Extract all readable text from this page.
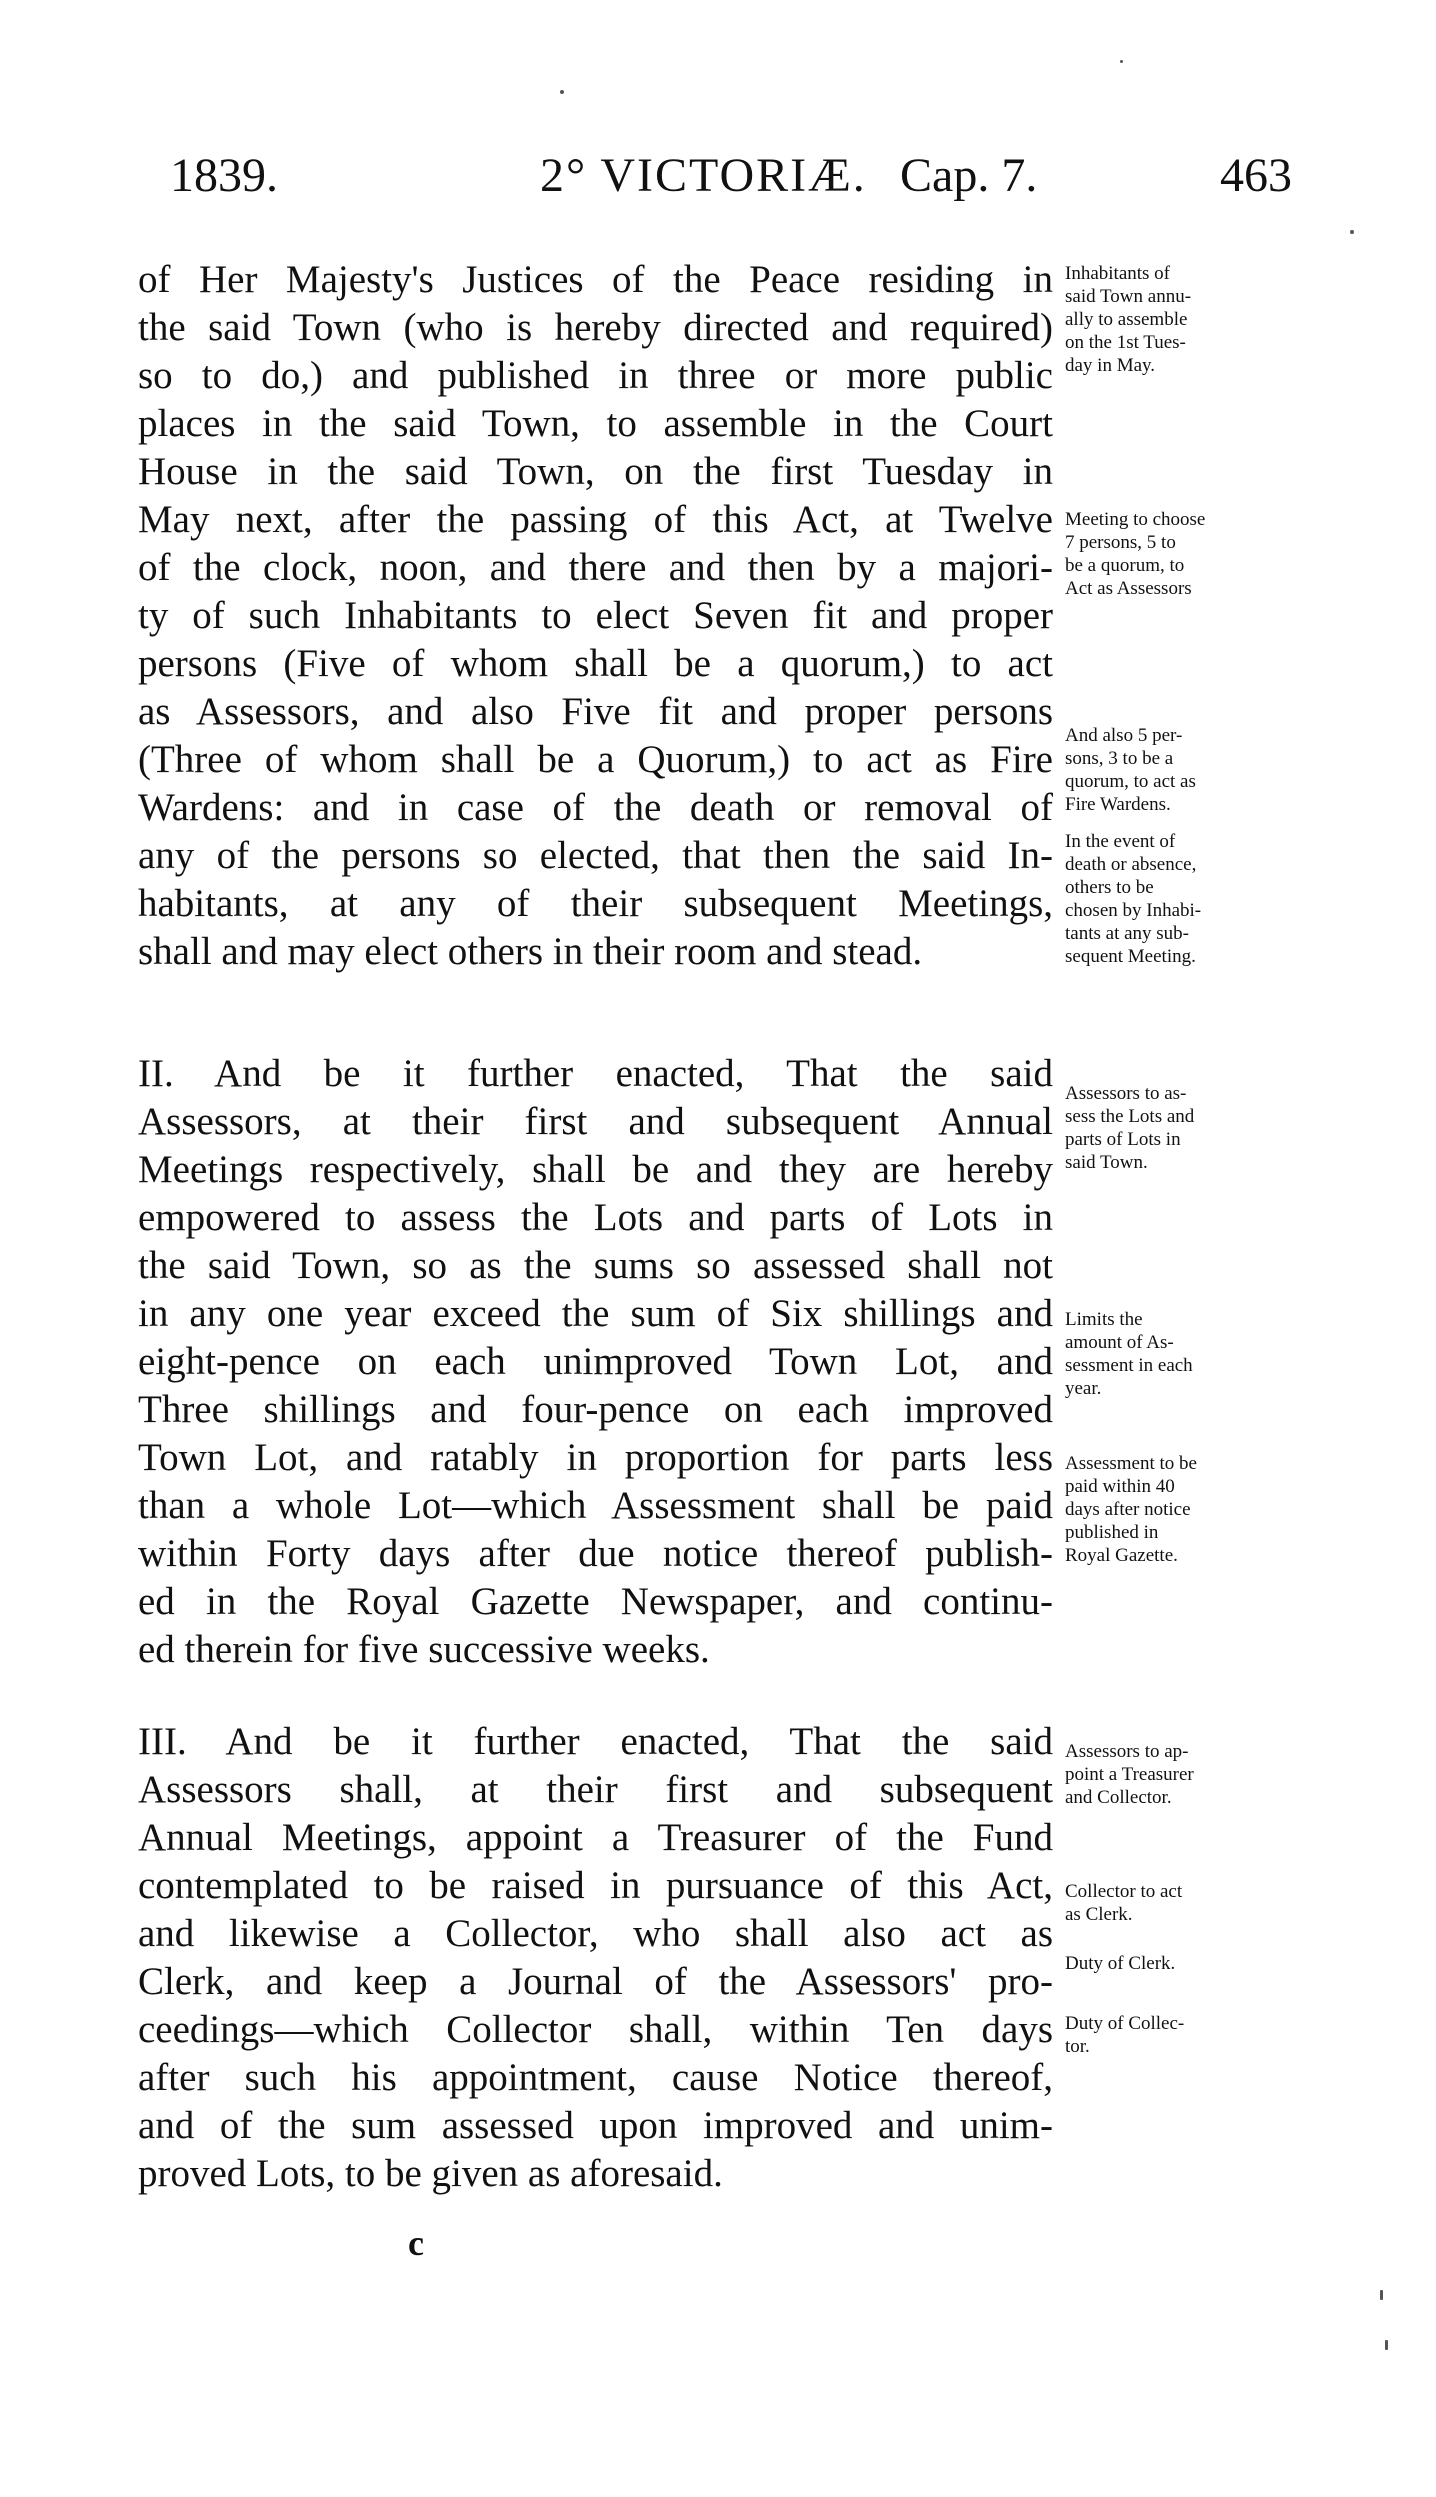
1839.	2° VICTORIÆ. Cap. 7.	463
of Her Majesty's Justices of the Peace residing in
the said Town (who is hereby directed and required)
so to do,) and published in three or more public
places in the said Town, to assemble in the Court
House in the said Town, on the first Tuesday in
May next, after the passing of this Act, at Twelve
of the clock, noon, and there and then by a majori-
ty of such Inhabitants to elect Seven fit and proper
persons (Five of whom shall be a quorum,) to act
as Assessors, and also Five fit and proper persons
(Three of whom shall be a Quorum,) to act as Fire
Wardens: and in case of the death or removal of
any of the persons so elected, that then the said In-
habitants, at any of their subsequent Meetings,
shall and may elect others in their room and stead.
II. And be it further enacted, That the said
Assessors, at their first and subsequent Annual
Meetings respectively, shall be and they are hereby
empowered to assess the Lots and parts of Lots in
the said Town, so as the sums so assessed shall not
in any one year exceed the sum of Six shillings and
eight-pence on each unimproved Town Lot, and
Three shillings and four-pence on each improved
Town Lot, and ratably in proportion for parts less
than a whole Lot—which Assessment shall be paid
within Forty days after due notice thereof publish-
ed in the Royal Gazette Newspaper, and continu-
ed therein for five successive weeks.
III. And be it further enacted, That the said
Assessors shall, at their first and subsequent
Annual Meetings, appoint a Treasurer of the Fund
contemplated to be raised in pursuance of this Act,
and likewise a Collector, who shall also act as
Clerk, and keep a Journal of the Assessors' pro-
ceedings—which Collector shall, within Ten days
after such his appointment, cause Notice thereof,
and of the sum assessed upon improved and unim-
proved Lots, to be given as aforesaid.
Inhabitants of
said Town annu-
ally to assemble
on the 1st Tues-
day in May.
Meeting to choose
7 persons, 5 to
be a quorum, to
Act as Assessors
And also 5 per-
sons, 3 to be a
quorum, to act as
Fire Wardens.
In the event of
death or absence,
others to be
chosen by Inhabi-
tants at any sub-
sequent Meeting.
Assessors to as-
sess the Lots and
parts of Lots in
said Town.
Limits the
amount of As-
sessment in each
year.
Assessment to be
paid within 40
days after notice
published in
Royal Gazette.
Assessors to ap-
point a Treasurer
and Collector.
Collector to act
as Clerk.
Duty of Clerk.
Duty of Collec-
tor.
c
